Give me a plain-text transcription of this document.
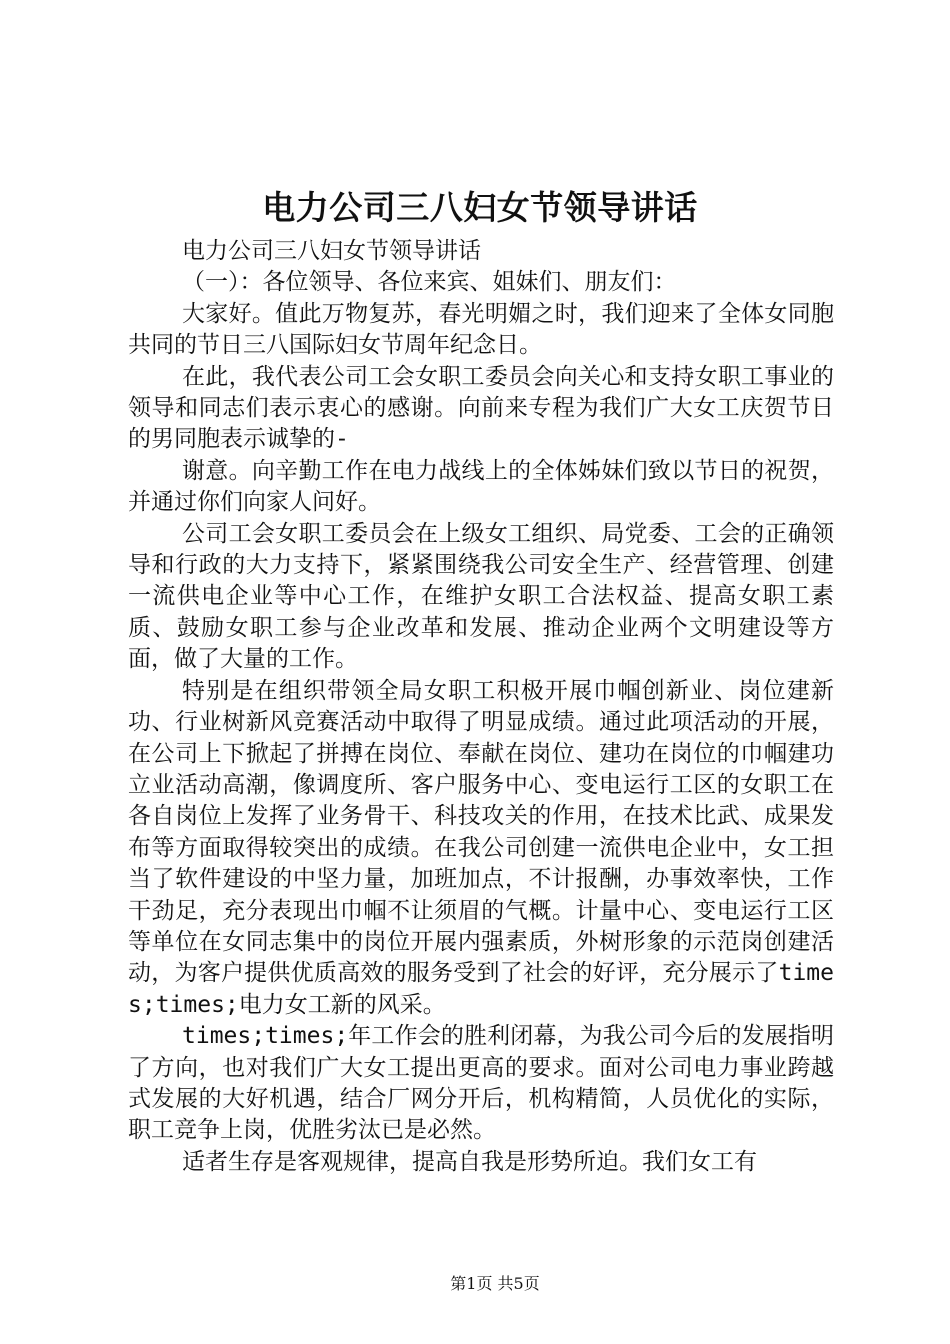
电力公司三八妇女节领导讲话

电力公司三八妇女节领导讲话

（一）：各位领导、各位来宾、姐妹们、朋友们：

大家好。值此万物复苏，春光明媚之时，我们迎来了全体女同胞共同的节日三八国际妇女节周年纪念日。

在此，我代表公司工会女职工委员会向关心和支持女职工事业的领导和同志们表示衷心的感谢。向前来专程为我们广大女工庆贺节日的男同胞表示诚挚的-

谢意。向辛勤工作在电力战线上的全体姊妹们致以节日的祝贺，并通过你们向家人问好。

公司工会女职工委员会在上级女工组织、局党委、工会的正确领导和行政的大力支持下，紧紧围绕我公司安全生产、经营管理、创建一流供电企业等中心工作，在维护女职工合法权益、提高女职工素质、鼓励女职工参与企业改革和发展、推动企业两个文明建设等方面，做了大量的工作。

特别是在组织带领全局女职工积极开展巾帼创新业、岗位建新功、行业树新风竞赛活动中取得了明显成绩。通过此项活动的开展，在公司上下掀起了拼搏在岗位、奉献在岗位、建功在岗位的巾帼建功立业活动高潮，像调度所、客户服务中心、变电运行工区的女职工在各自岗位上发挥了业务骨干、科技攻关的作用，在技术比武、成果发布等方面取得较突出的成绩。在我公司创建一流供电企业中，女工担当了软件建设的中坚力量，加班加点，不计报酬，办事效率快，工作干劲足，充分表现出巾帼不让须眉的气概。计量中心、变电运行工区等单位在女同志集中的岗位开展内强素质，外树形象的示范岗创建活动，为客户提供优质高效的服务受到了社会的好评，充分展示了times;times;电力女工新的风采。

times;times;年工作会的胜利闭幕，为我公司今后的发展指明了方向，也对我们广大女工提出更高的要求。面对公司电力事业跨越式发展的大好机遇，结合厂网分开后，机构精简，人员优化的实际，职工竞争上岗，优胜劣汰已是必然。

适者生存是客观规律，提高自我是形势所迫。我们女工有

第1页 共5页
